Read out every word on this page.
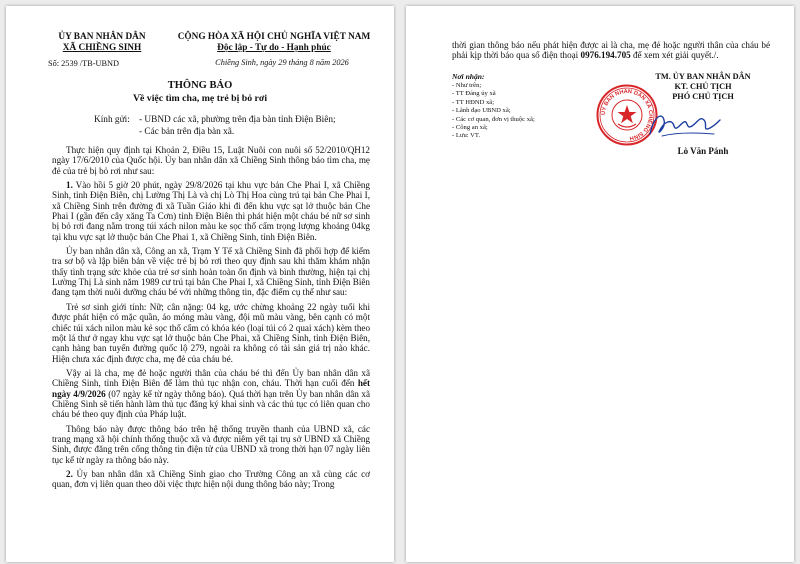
ỦY BAN NHÂN DÂN
XÃ CHIỀNG SINH
Số: 2539 /TB-UBND
CỘNG HÒA XÃ HỘI CHỦ NGHĨA VIỆT NAM
Độc lập - Tự do - Hạnh phúc
Chiềng Sinh, ngày 29 tháng 8 năm 2026
THÔNG BÁO
Về việc tìm cha, mẹ trẻ bị bỏ rơi
Kính gửi: - UBND các xã, phường trên địa bàn tỉnh Điện Biên;
- Các bản trên địa bàn xã.

Thực hiện quy định tại Khoản 2, Điều 15, Luật Nuôi con nuôi số 52/2010/QH12 ngày 17/6/2010 của Quốc hội. Ủy ban nhân dân xã Chiềng Sinh thông báo tìm cha, mẹ đẻ của trẻ bị bỏ rơi như sau:

1. Vào hồi 5 giờ 20 phút, ngày 29/8/2026 tại khu vực bản Che Phai I, xã Chiềng Sinh, tỉnh Điện Biên, chị Lường Thị Là và chị Lò Thị Hoa cùng trú tại bản Che Phai I, xã Chiềng Sinh trên đường đi xã Tuần Giáo khi đi đến khu vực sạt lở thuộc bản Che Phai I (gần đến cây xăng Ta Cơn) tỉnh Điện Biên thì phát hiện một cháu bé nữ sơ sinh bị bỏ rơi đang nằm trong túi xách nilon màu ke sọc thổ cẩm trọng lượng khoảng 04kg tại khu vực sạt lở thuộc bản Che Phai 1, xã Chiềng Sinh, tỉnh Điện Biên.

Ủy ban nhân dân xã, Công an xã, Trạm Y Tế xã Chiềng Sinh đã phối hợp để kiểm tra sơ bộ và lập biên bản về việc trẻ bị bỏ rơi theo quy định sau khi thăm khám nhận thấy tình trạng sức khỏe của trẻ sơ sinh hoàn toàn ổn định và bình thường, hiện tại chị Lường Thị Là sinh năm 1989 cư trú tại bản Che Phai I, xã Chiềng Sinh, tỉnh Điện Biên đang tạm thời nuôi dưỡng cháu bé với những thông tin, đặc điểm cụ thể như sau:

Trẻ sơ sinh giới tính: Nữ; cân nặng: 04 kg, ước chừng khoảng 22 ngày tuổi khi được phát hiện có mặc quần, áo móng màu vàng, đội mũ màu vàng, bên cạnh có một chiếc túi xách nilon màu kẻ sọc thổ cẩm có khóa kéo (loại túi có 2 quai xách) kèm theo một lá thư ở ngay khu vực sạt lở thuộc bản Che Phai, xã Chiềng Sinh, tỉnh Điện Biên, cạnh hàng ban tuyến đường quốc lộ 279, ngoài ra không có tài sản giá trị nào khác. Hiện chưa xác định được cha, mẹ đẻ của cháu bé.

Vậy ai là cha, mẹ đẻ hoặc người thân của cháu bé thì đến Ủy ban nhân dân xã Chiềng Sinh, tỉnh Điện Biên để làm thủ tục nhận con, cháu. Thời hạn cuối đến hết ngày 4/9/2026 (07 ngày kể từ ngày thông báo). Quá thời hạn trên Ủy ban nhân dân xã Chiềng Sinh sẽ tiến hành làm thủ tục đăng ký khai sinh và các thủ tục có liên quan cho cháu bé theo quy định của Pháp luật.

Thông báo này được thông báo trên hệ thống truyền thanh của UBND xã, các trang mạng xã hội chính thống thuộc xã và được niêm yết tại trụ sở UBND xã Chiềng Sinh, được đăng trên cổng thông tin điện tử của UBND xã trong thời hạn 07 ngày liên tục kể từ ngày ra thông báo này.

2. Ủy ban nhân dân xã Chiềng Sinh giao cho Trường Công an xã cùng các cơ quan, đơn vị liên quan theo dõi việc thực hiện nội dung thông báo này; Trong

thời gian thông báo nếu phát hiện được ai là cha, mẹ đẻ hoặc người thân của cháu bé phải kịp thời báo qua số điện thoại 0976.194.705 để xem xét giải quyết./.

Nơi nhận:
- Như trên;
- TT Đảng ủy xã
- TT HĐND xã;
- Lãnh đạo UBND xã;
- Các cơ quan, đơn vị thuộc xã;
- Công an xã;
- Lưu: VT.
TM. ỦY BAN NHÂN DÂN
KT. CHỦ TỊCH
PHÓ CHỦ TỊCH
ỦY BAN NHÂN DÂN XÃ CHIỀNG SINH
Lò Văn Pánh
